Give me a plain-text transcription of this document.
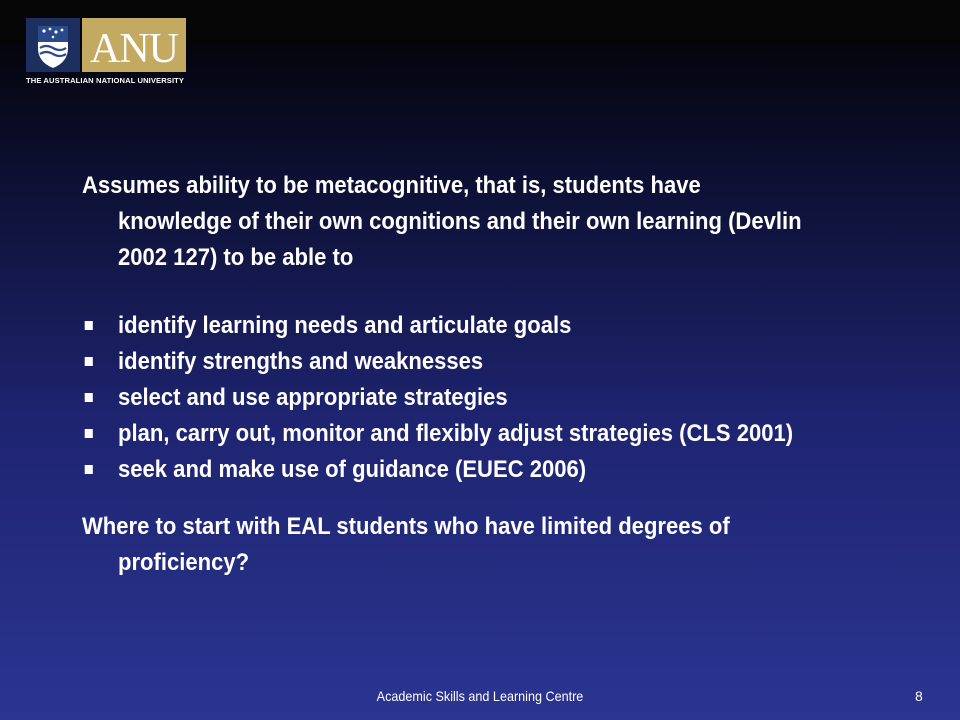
ANU
THE AUSTRALIAN NATIONAL UNIVERSITY

Assumes ability to be metacognitive, that is, students have knowledge of their own cognitions and their own learning (Devlin 2002 127) to be able to

identify learning needs and articulate goals
identify strengths and weaknesses
select and use appropriate strategies
plan, carry out, monitor and flexibly adjust strategies (CLS 2001)
seek and make use of guidance (EUEC 2006)

Where to start with EAL students who have limited degrees of proficiency?

Academic Skills and Learning Centre	8
